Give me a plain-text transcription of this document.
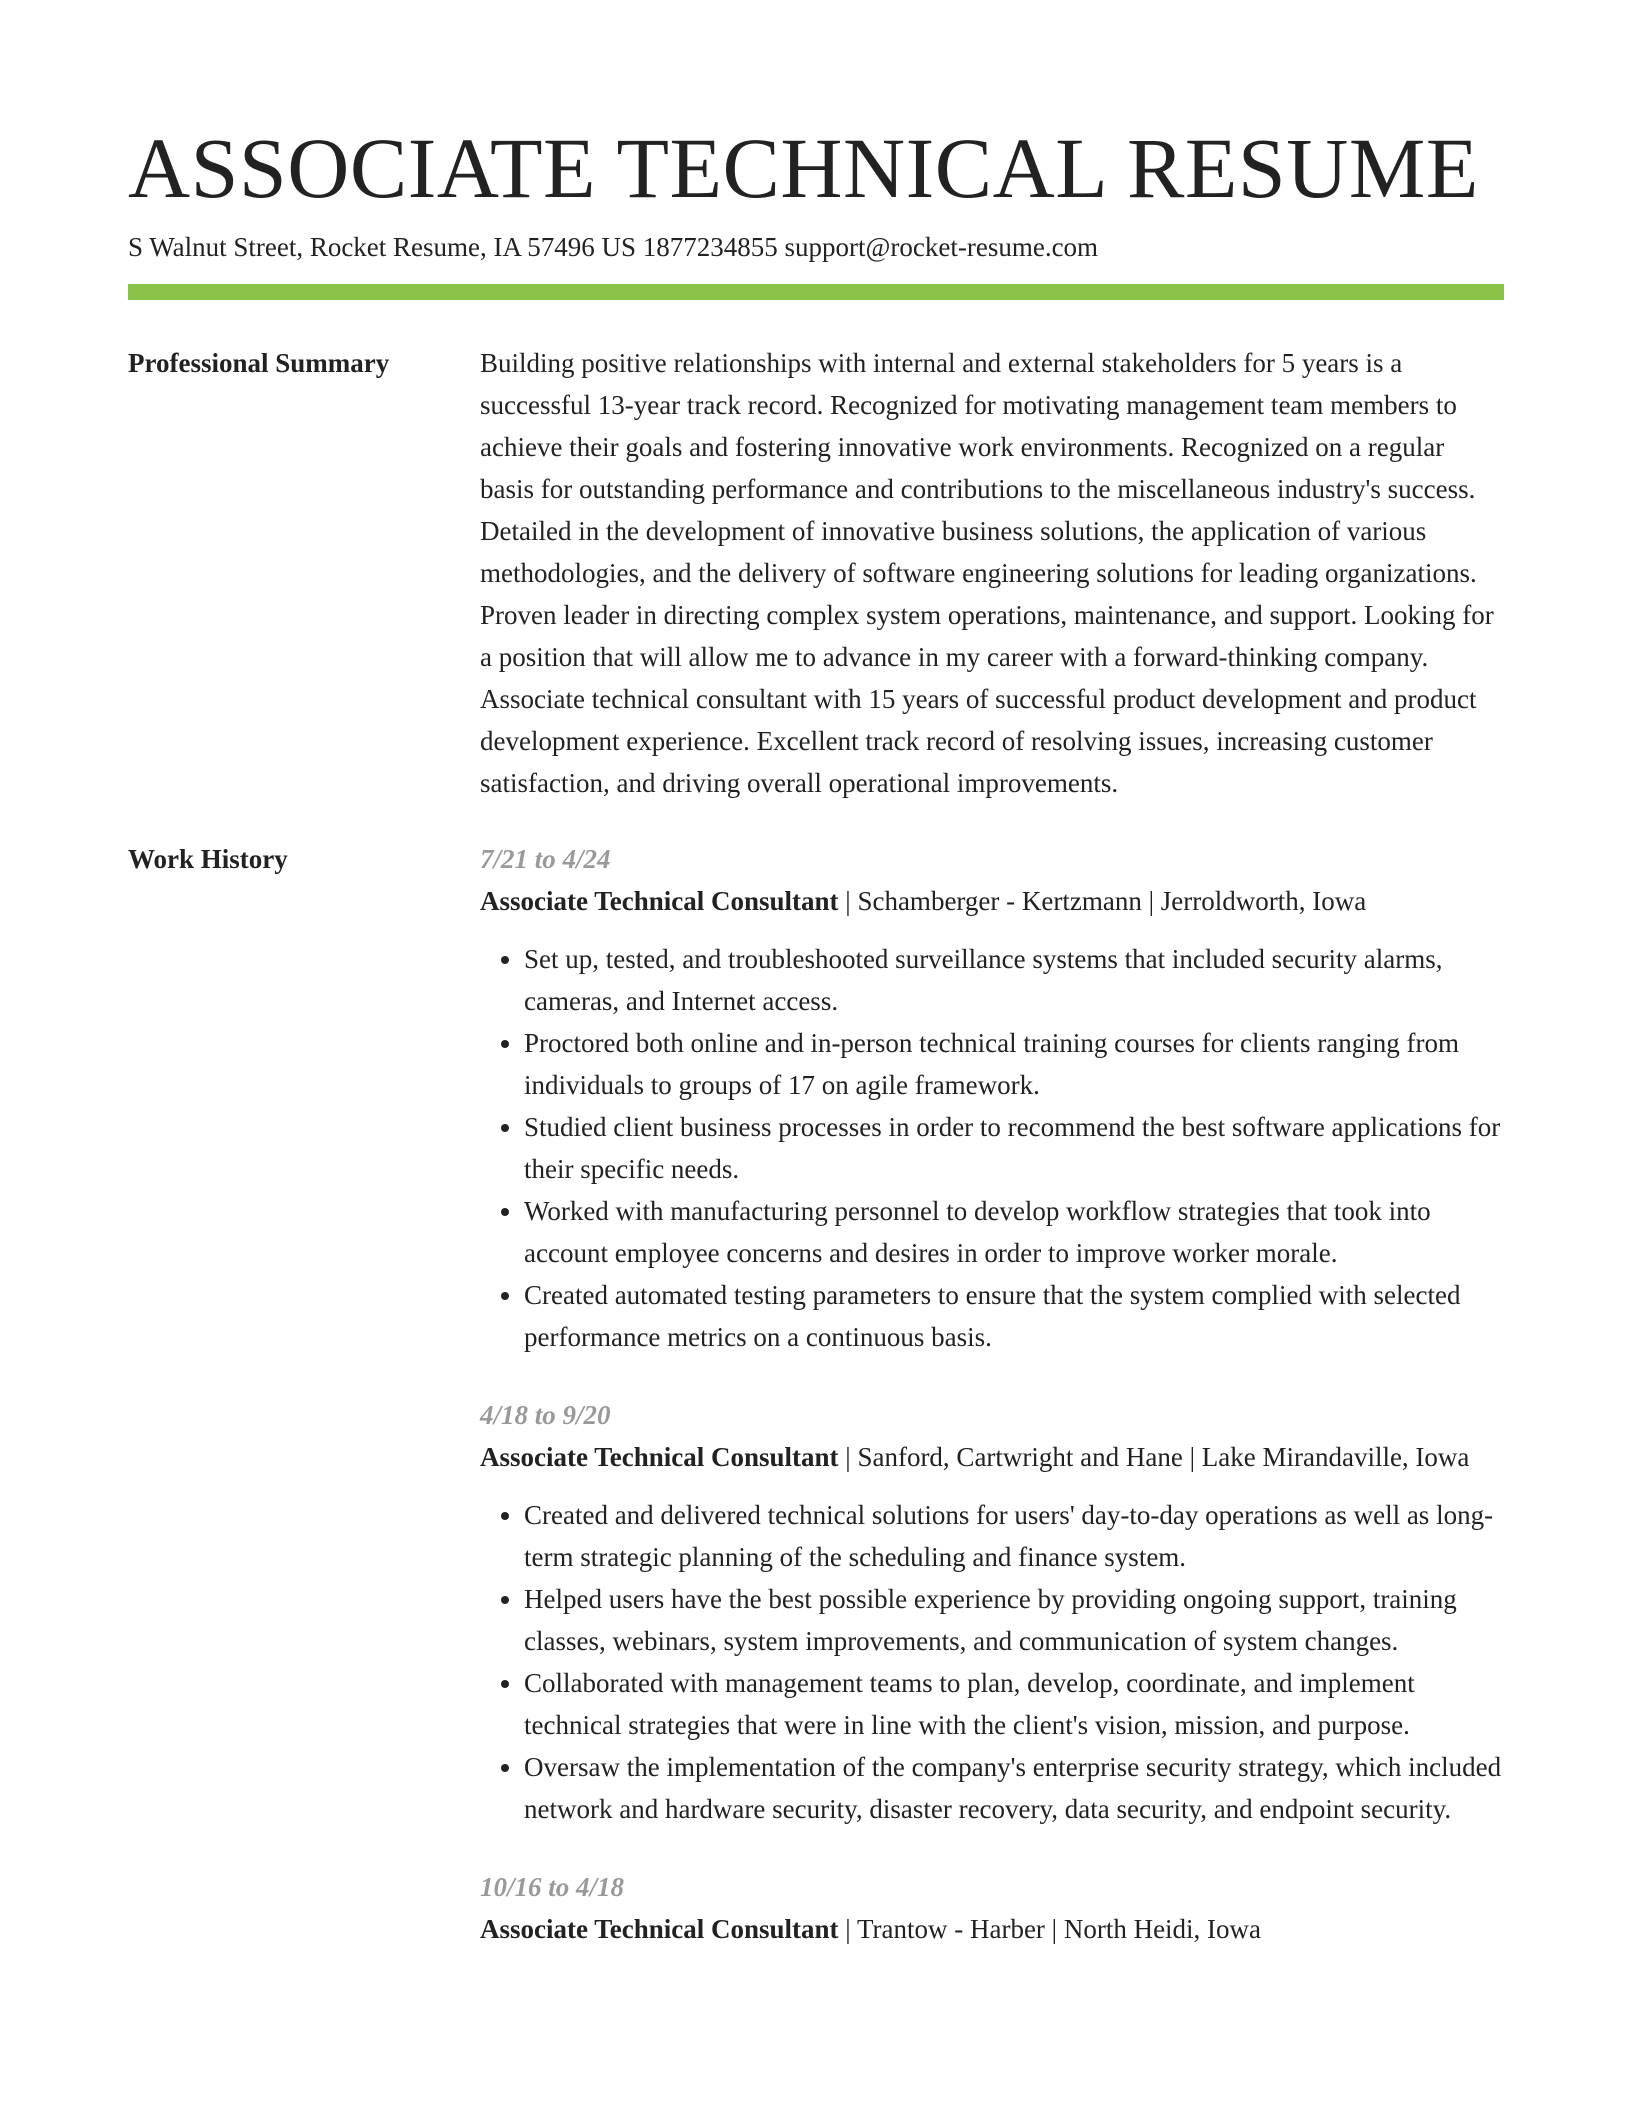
ASSOCIATE TECHNICAL RESUME
S Walnut Street, Rocket Resume, IA 57496 US 1877234855 support@rocket-resume.com
Professional Summary	Building positive relationships with internal and external stakeholders for 5 years is a successful 13-year track record. Recognized for motivating management team members to achieve their goals and fostering innovative work environments. Recognized on a regular basis for outstanding performance and contributions to the miscellaneous industry's success. Detailed in the development of innovative business solutions, the application of various methodologies, and the delivery of software engineering solutions for leading organizations. Proven leader in directing complex system operations, maintenance, and support. Looking for a position that will allow me to advance in my career with a forward-thinking company. Associate technical consultant with 15 years of successful product development and product development experience. Excellent track record of resolving issues, increasing customer satisfaction, and driving overall operational improvements.

Work History	7/21 to 4/24
Associate Technical Consultant | Schamberger - Kertzmann | Jerroldworth, Iowa
• Set up, tested, and troubleshooted surveillance systems that included security alarms, cameras, and Internet access.
• Proctored both online and in-person technical training courses for clients ranging from individuals to groups of 17 on agile framework.
• Studied client business processes in order to recommend the best software applications for their specific needs.
• Worked with manufacturing personnel to develop workflow strategies that took into account employee concerns and desires in order to improve worker morale.
• Created automated testing parameters to ensure that the system complied with selected performance metrics on a continuous basis.
4/18 to 9/20
Associate Technical Consultant | Sanford, Cartwright and Hane | Lake Mirandaville, Iowa
• Created and delivered technical solutions for users' day-to-day operations as well as long-term strategic planning of the scheduling and finance system.
• Helped users have the best possible experience by providing ongoing support, training classes, webinars, system improvements, and communication of system changes.
• Collaborated with management teams to plan, develop, coordinate, and implement technical strategies that were in line with the client's vision, mission, and purpose.
• Oversaw the implementation of the company's enterprise security strategy, which included network and hardware security, disaster recovery, data security, and endpoint security.
10/16 to 4/18
Associate Technical Consultant | Trantow - Harber | North Heidi, Iowa
